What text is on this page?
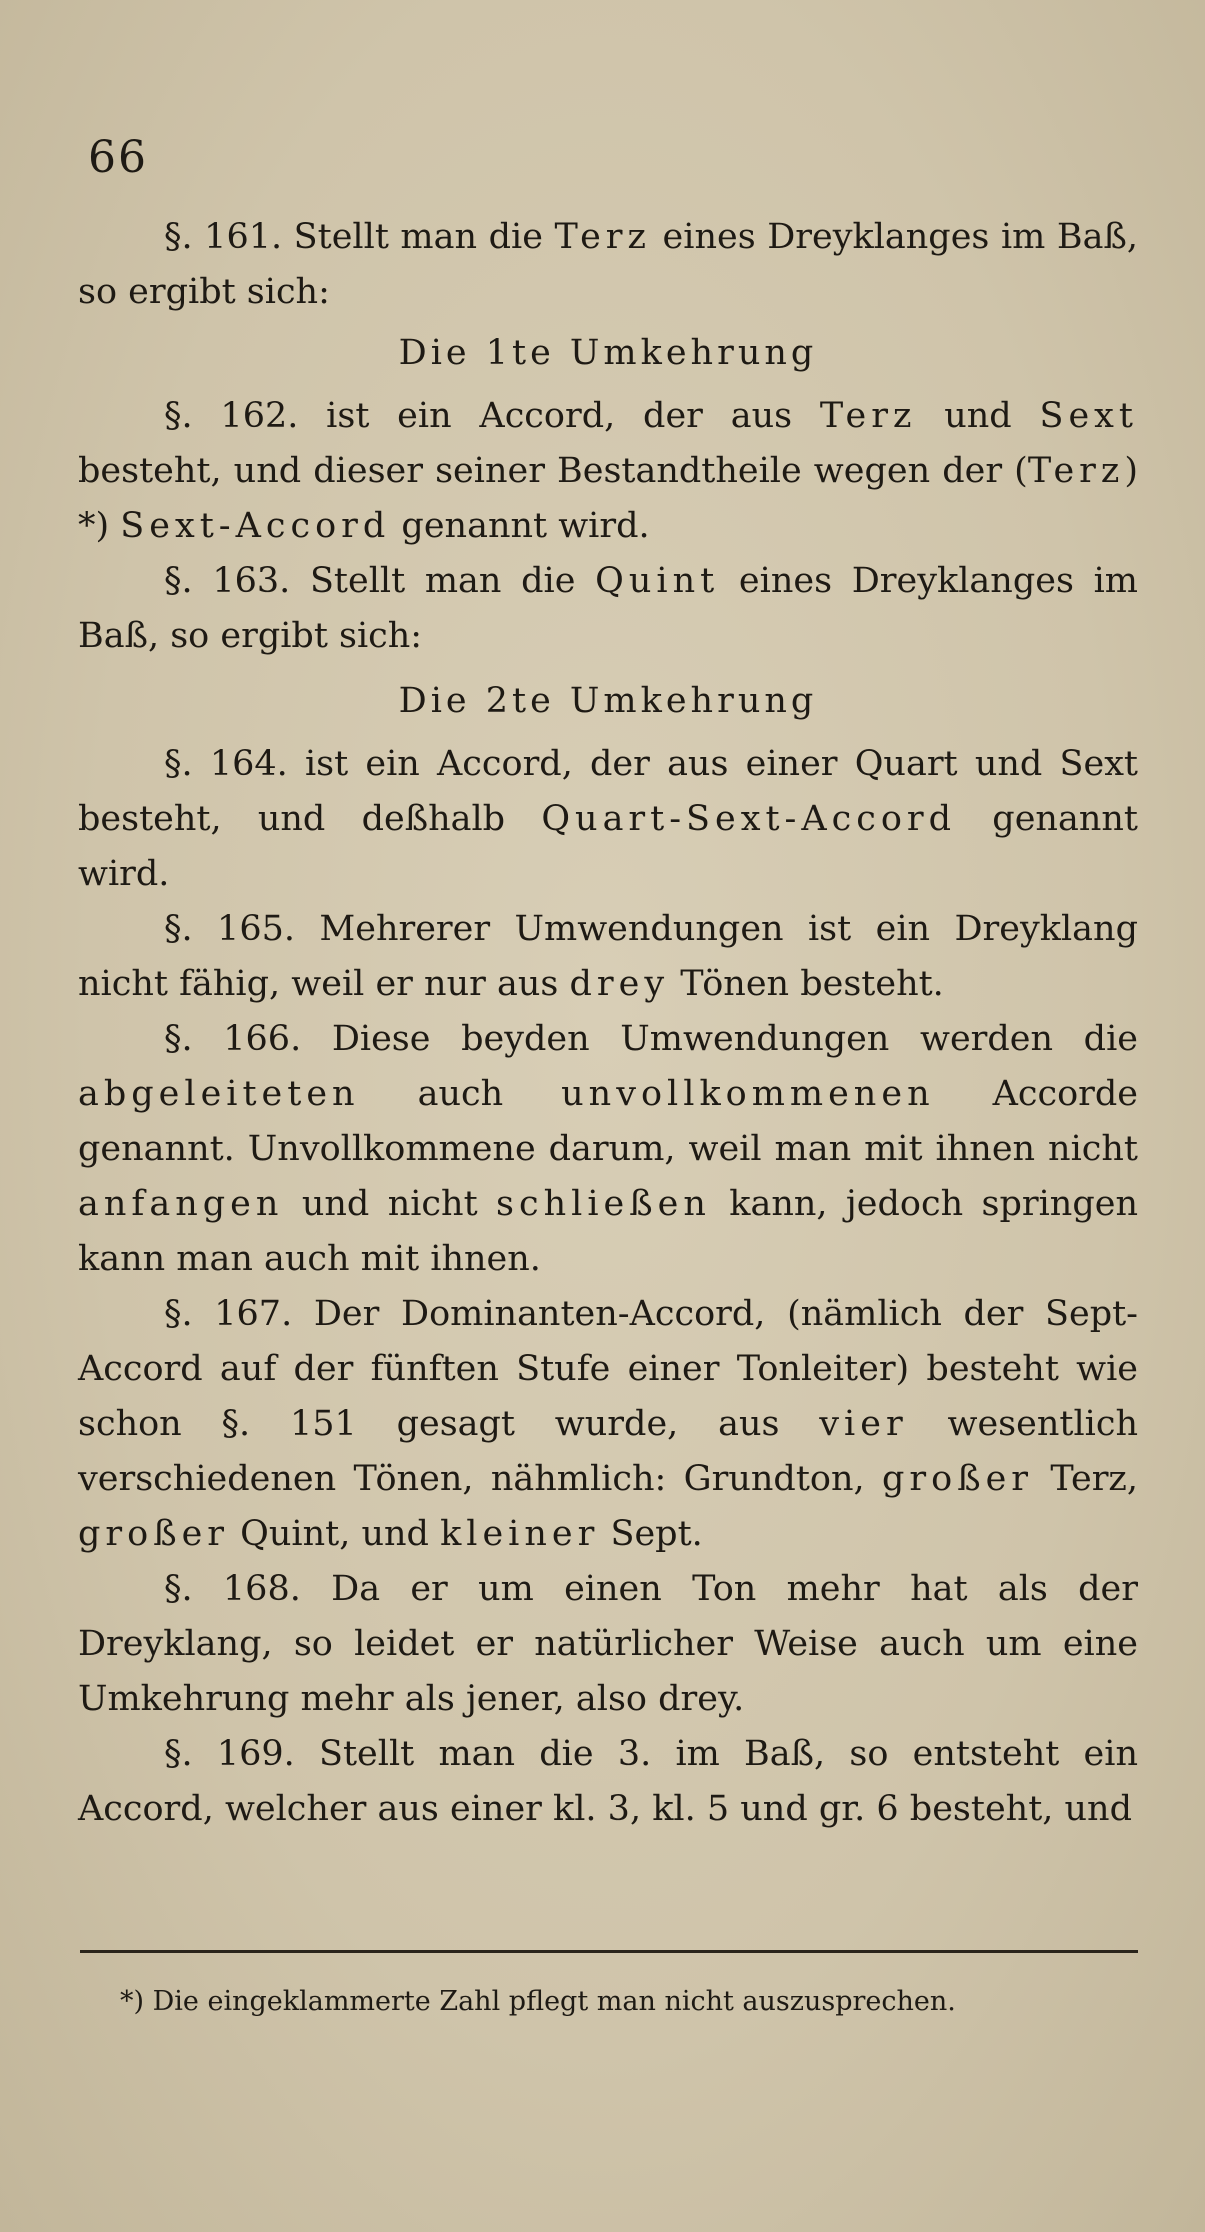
66

§. 161. Stellt man die Terz eines Dreyklanges im Baß, so ergibt sich:

Die 1te Umkehrung

§. 162. ist ein Accord, der aus Terz und Sext besteht, und dieser seiner Bestandtheile wegen der (Terz) *) Sext-Accord genannt wird.

§. 163. Stellt man die Quint eines Dreyklanges im Baß, so ergibt sich:

Die 2te Umkehrung

§. 164. ist ein Accord, der aus einer Quart und Sext besteht, und deßhalb Quart-Sext-Accord genannt wird.

§. 165. Mehrerer Umwendungen ist ein Dreyklang nicht fähig, weil er nur aus drey Tönen besteht.

§. 166. Diese beyden Umwendungen werden die abgeleiteten auch unvollkommenen Accorde genannt. Unvollkommene darum, weil man mit ihnen nicht anfangen und nicht schließen kann, jedoch springen kann man auch mit ihnen.

§. 167. Der Dominanten-Accord, (nämlich der Sept-Accord auf der fünften Stufe einer Tonleiter) besteht wie schon §. 151 gesagt wurde, aus vier wesentlich verschiedenen Tönen, nähmlich: Grundton, großer Terz, großer Quint, und kleiner Sept.

§. 168. Da er um einen Ton mehr hat als der Dreyklang, so leidet er natürlicher Weise auch um eine Umkehrung mehr als jener, also drey.

§. 169. Stellt man die 3. im Baß, so entsteht ein Accord, welcher aus einer kl. 3, kl. 5 und gr. 6 besteht, und

*) Die eingeklammerte Zahl pflegt man nicht auszusprechen.
